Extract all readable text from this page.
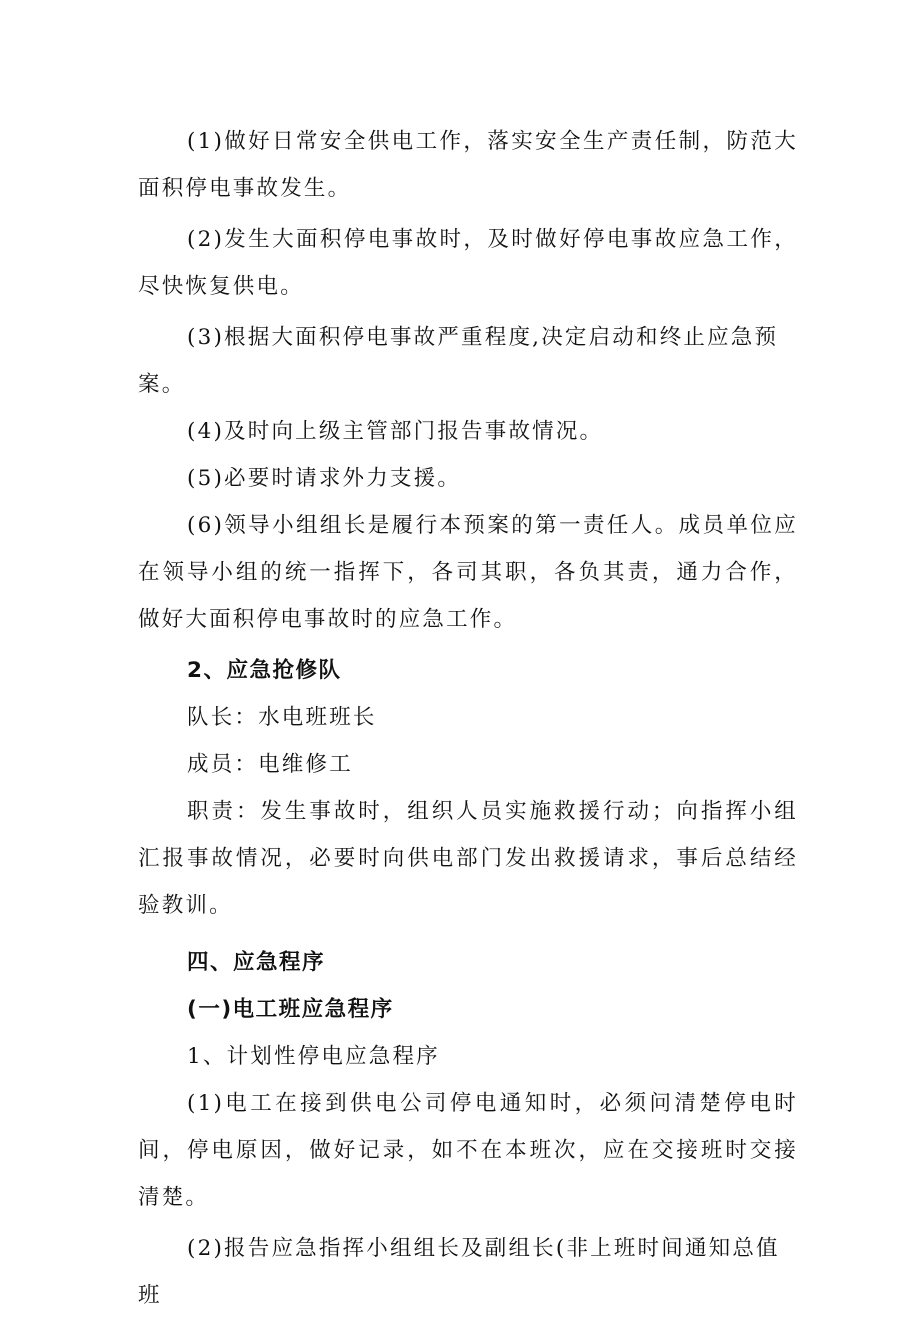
(1)做好日常安全供电工作，落实安全生产责任制，防范大面积停电事故发生。

(2)发生大面积停电事故时，及时做好停电事故应急工作，尽快恢复供电。

(3)根据大面积停电事故严重程度,决定启动和终止应急预案。

(4)及时向上级主管部门报告事故情况。

(5)必要时请求外力支援。

(6)领导小组组长是履行本预案的第一责任人。成员单位应在领导小组的统一指挥下，各司其职，各负其责，通力合作，做好大面积停电事故时的应急工作。

2、应急抢修队

队长：水电班班长

成员：电维修工

职责：发生事故时，组织人员实施救援行动；向指挥小组汇报事故情况，必要时向供电部门发出救援请求，事后总结经验教训。

四、应急程序

(一)电工班应急程序

1、计划性停电应急程序

(1)电工在接到供电公司停电通知时，必须问清楚停电时间，停电原因，做好记录，如不在本班次，应在交接班时交接清楚。

(2)报告应急指挥小组组长及副组长(非上班时间通知总值班
